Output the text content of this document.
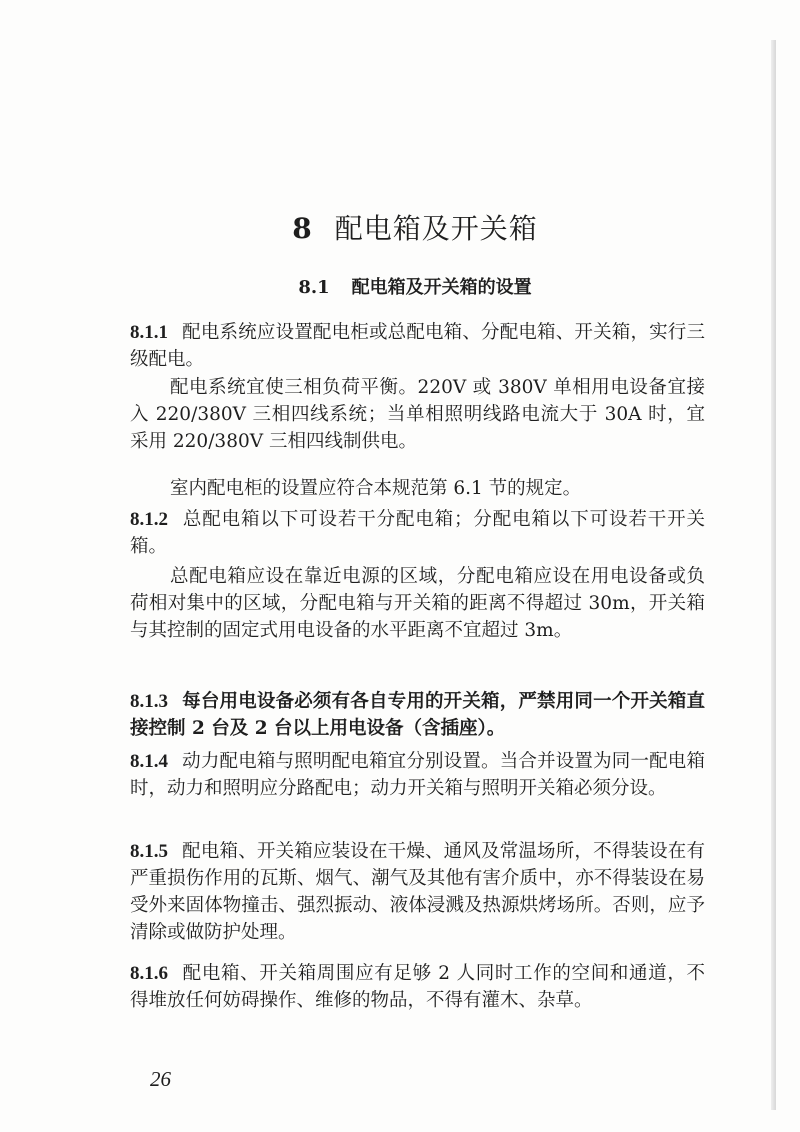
8 配电箱及开关箱
8.1 配电箱及开关箱的设置
8.1.1 配电系统应设置配电柜或总配电箱、分配电箱、开关箱，实行三级配电。
配电系统宜使三相负荷平衡。220V 或 380V 单相用电设备宜接入 220/380V 三相四线系统；当单相照明线路电流大于 30A 时，宜采用 220/380V 三相四线制供电。
室内配电柜的设置应符合本规范第 6.1 节的规定。
8.1.2 总配电箱以下可设若干分配电箱；分配电箱以下可设若干开关箱。
总配电箱应设在靠近电源的区域，分配电箱应设在用电设备或负荷相对集中的区域，分配电箱与开关箱的距离不得超过 30m，开关箱与其控制的固定式用电设备的水平距离不宜超过 3m。
8.1.3 每台用电设备必须有各自专用的开关箱，严禁用同一个开关箱直接控制 2 台及 2 台以上用电设备（含插座）。
8.1.4 动力配电箱与照明配电箱宜分别设置。当合并设置为同一配电箱时，动力和照明应分路配电；动力开关箱与照明开关箱必须分设。
8.1.5 配电箱、开关箱应装设在干燥、通风及常温场所，不得装设在有严重损伤作用的瓦斯、烟气、潮气及其他有害介质中，亦不得装设在易受外来固体物撞击、强烈振动、液体浸溅及热源烘烤场所。否则，应予清除或做防护处理。
8.1.6 配电箱、开关箱周围应有足够 2 人同时工作的空间和通道，不得堆放任何妨碍操作、维修的物品，不得有灌木、杂草。
26
